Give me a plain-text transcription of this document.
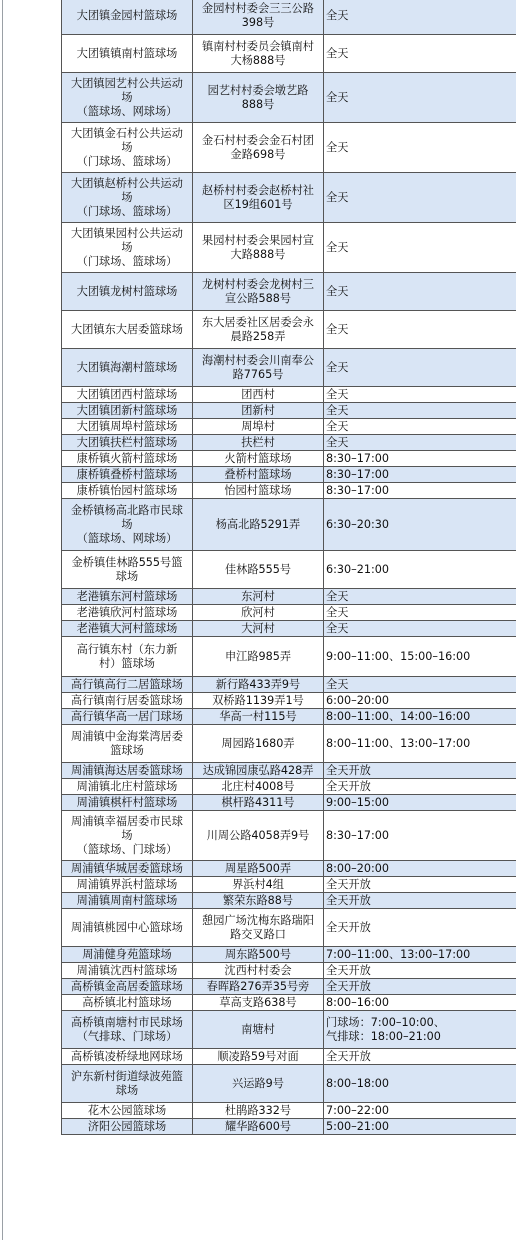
大团镇金园村篮球场	金园村村委会三三公路
398号	全天
大团镇镇南村篮球场	镇南村村委员会镇南村
大杨888号	全天
大团镇园艺村公共运动
场
（篮球场、网球场）	园艺村村委会墩艺路
888号	全天
大团镇金石村公共运动
场
（门球场、篮球场）	金石村村委会金石村团
金路698号	全天
大团镇赵桥村公共运动
场
（门球场、篮球场）	赵桥村村委会赵桥村社
区19组601号	全天
大团镇果园村公共运动
场
（门球场、篮球场）	果园村村委会果园村宣
大路888号	全天
大团镇龙树村篮球场	龙树村村委会龙树村三
宣公路588号	全天
大团镇东大居委篮球场	东大居委社区居委会永
晨路258弄	全天
大团镇海潮村篮球场	海潮村村委会川南奉公
路7765号	全天
大团镇团西村篮球场	团西村	全天
大团镇团新村篮球场	团新村	全天
大团镇周埠村篮球场	周埠村	全天
大团镇扶栏村篮球场	扶栏村	全天
康桥镇火箭村篮球场	火箭村篮球场	8:30–17:00
康桥镇叠桥村篮球场	叠桥村篮球场	8:30–17:00
康桥镇怡园村篮球场	怡园村篮球场	8:30–17:00
金桥镇杨高北路市民球
场
（篮球场、网球场）	杨高北路5291弄	6:30–20:30
金桥镇佳林路555号篮
球场	佳林路555号	6:30–21:00
老港镇东河村篮球场	东河村	全天
老港镇欣河村篮球场	欣河村	全天
老港镇大河村篮球场	大河村	全天
高行镇东村（东力新
村）篮球场	申江路985弄	9:00–11:00、15:00–16:00
高行镇高行二居篮球场	新行路433弄9号	全天
高行镇南行居委篮球场	双桥路1139弄1号	6:00–20:00
高行镇华高一居门球场	华高一村115号	8:00–11:00、14:00–16:00
周浦镇中金海棠湾居委
篮球场	周园路1680弄	8:00–11:00、13:00–17:00
周浦镇海达居委篮球场	达成锦园康弘路428弄	全天开放
周浦镇北庄村篮球场	北庄村4008号	全天开放
周浦镇棋杆村篮球场	棋杆路4311号	9:00–15:00
周浦镇幸福居委市民球
场
（篮球场、门球场）	川周公路4058弄9号	8:30–17:00
周浦镇华城居委篮球场	周星路500弄	8:00–20:00
周浦镇界浜村篮球场	界浜村4组	全天开放
周浦镇周南村篮球场	繁荣东路88号	全天开放
周浦镇桃园中心篮球场	憩园广场沈梅东路瑞阳
路交叉路口	全天开放
周浦健身苑篮球场	周东路500号	7:00–11:00、13:00–17:00
周浦镇沈西村篮球场	沈西村村委会	全天开放
高桥镇金高居委篮球场	春晖路276弄35号旁	全天开放
高桥镇北村篮球场	草高支路638号	8:00–16:00
高桥镇南塘村市民球场
（气排球、门球场）	南塘村	门球场：7:00–10:00、
气排球：18:00–21:00
高桥镇凌桥绿地网球场	顺凌路59号对面	全天开放
沪东新村街道绿波苑篮
球场	兴运路9号	8:00–18:00
花木公园篮球场	杜鹃路332号	7:00–22:00
济阳公园篮球场	耀华路600号	5:00–21:00
